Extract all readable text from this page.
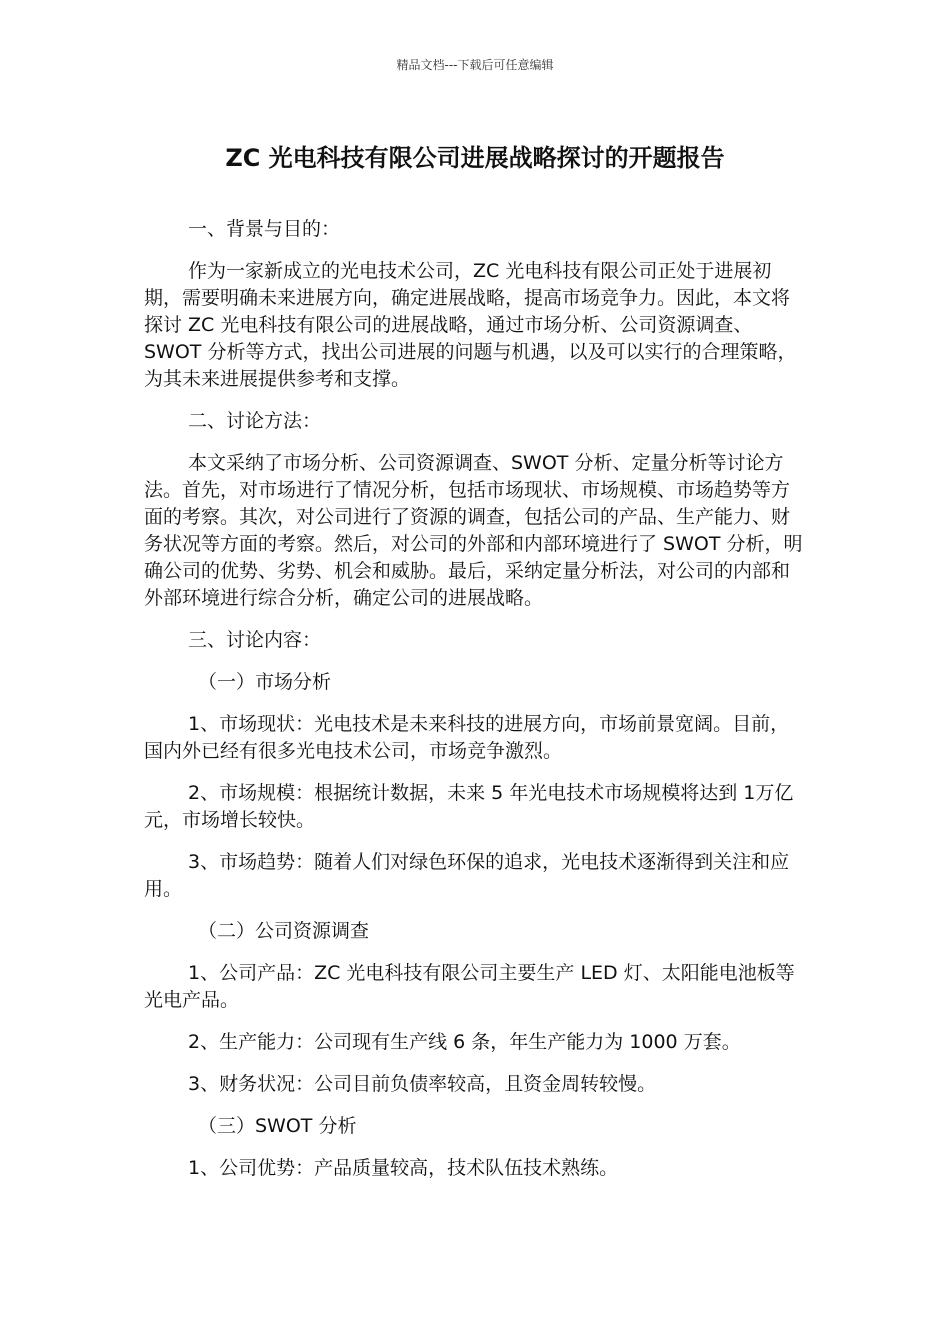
精品文档---下载后可任意编辑
ZC 光电科技有限公司进展战略探讨的开题报告

一、背景与目的：

作为一家新成立的光电技术公司，ZC 光电科技有限公司正处于进展初期，需要明确未来进展方向，确定进展战略，提高市场竞争力。因此，本文将探讨 ZC 光电科技有限公司的进展战略，通过市场分析、公司资源调查、SWOT 分析等方式，找出公司进展的问题与机遇，以及可以实行的合理策略，为其未来进展提供参考和支撑。

二、讨论方法：

本文采纳了市场分析、公司资源调查、SWOT 分析、定量分析等讨论方法。首先，对市场进行了情况分析，包括市场现状、市场规模、市场趋势等方面的考察。其次，对公司进行了资源的调查，包括公司的产品、生产能力、财务状况等方面的考察。然后，对公司的外部和内部环境进行了 SWOT 分析，明确公司的优势、劣势、机会和威胁。最后，采纳定量分析法，对公司的内部和外部环境进行综合分析，确定公司的进展战略。

三、讨论内容：

（一）市场分析

1、市场现状：光电技术是未来科技的进展方向，市场前景宽阔。目前，国内外已经有很多光电技术公司，市场竞争激烈。

2、市场规模：根据统计数据，未来 5 年光电技术市场规模将达到 1万亿元，市场增长较快。

3、市场趋势：随着人们对绿色环保的追求，光电技术逐渐得到关注和应用。

（二）公司资源调查

1、公司产品：ZC 光电科技有限公司主要生产 LED 灯、太阳能电池板等光电产品。

2、生产能力：公司现有生产线 6 条，年生产能力为 1000 万套。

3、财务状况：公司目前负债率较高，且资金周转较慢。

（三）SWOT 分析

1、公司优势：产品质量较高，技术队伍技术熟练。
